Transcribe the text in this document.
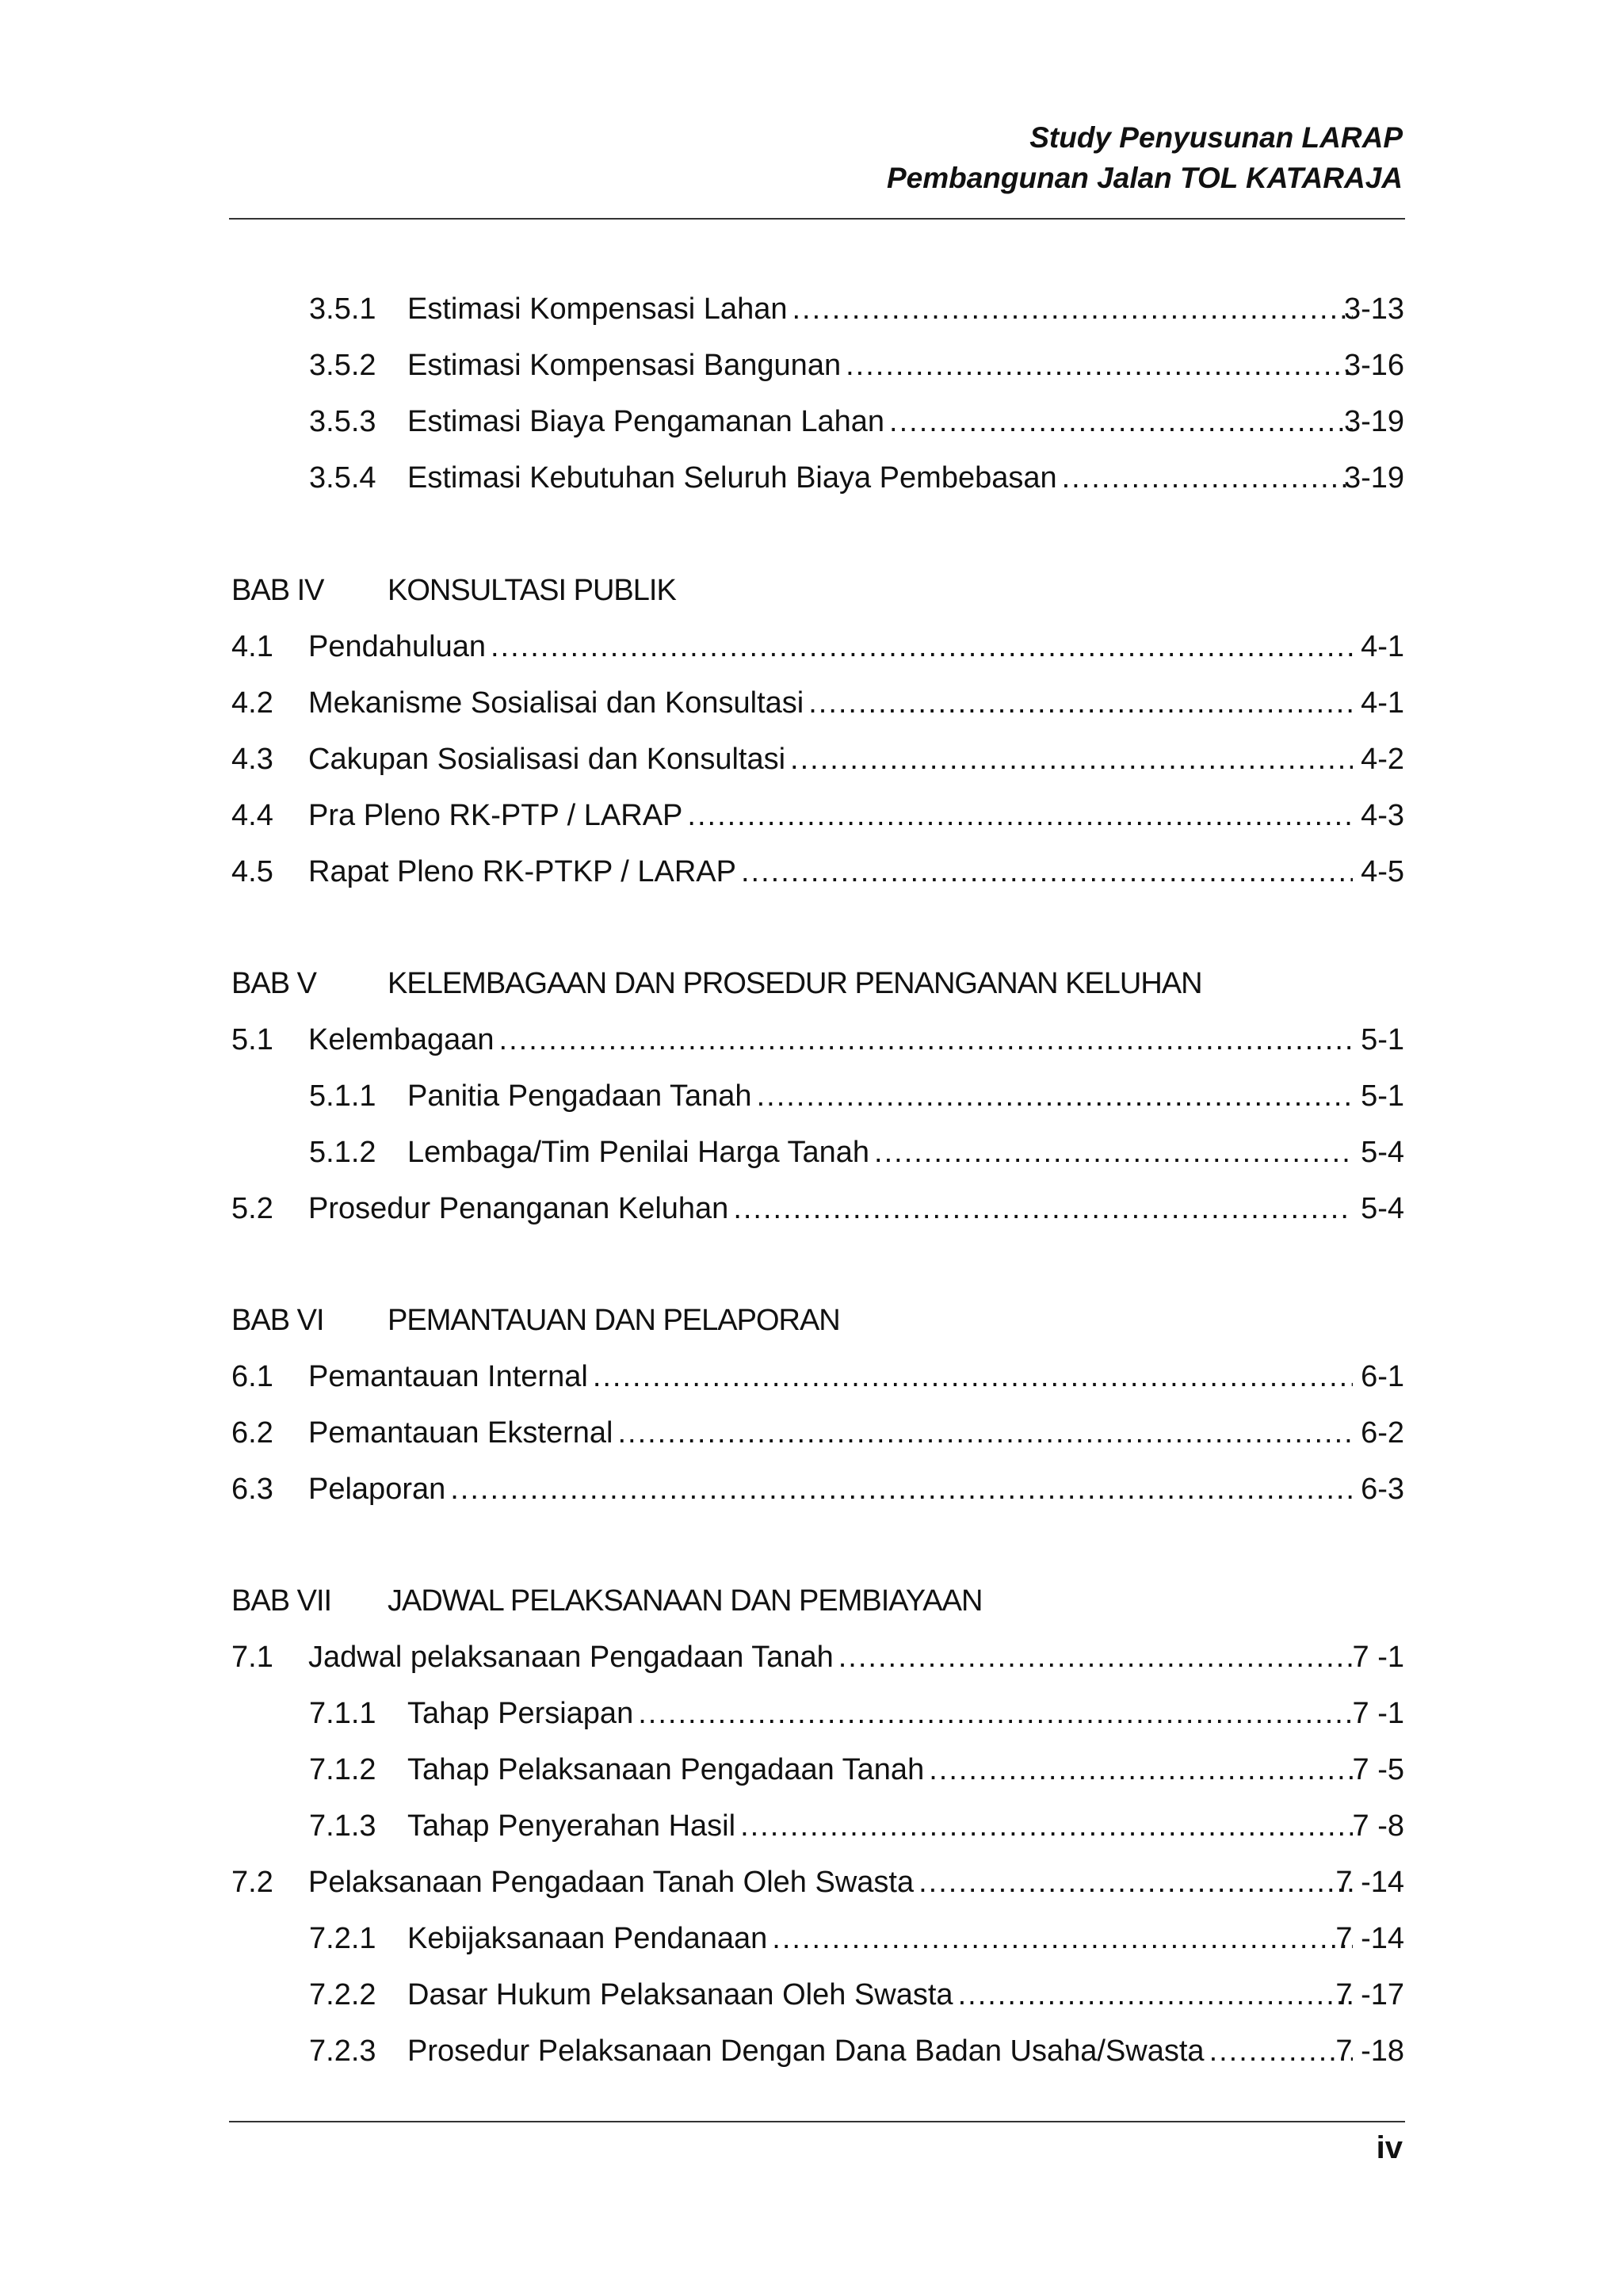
Study Penyusunan LARAP
Pembangunan Jalan TOL KATARAJA
3.5.1 Estimasi Kompensasi Lahan .....	3-13
3.5.2 Estimasi Kompensasi Bangunan .....	3-16
3.5.3 Estimasi Biaya Pengamanan Lahan .....	3-19
3.5.4 Estimasi Kebutuhan Seluruh Biaya Pembebasan .....	3-19
BAB IV KONSULTASI PUBLIK
4.1 Pendahuluan .....	4-1
4.2 Mekanisme Sosialisai dan Konsultasi .....	4-1
4.3 Cakupan Sosialisasi dan Konsultasi .....	4-2
4.4 Pra Pleno RK-PTP / LARAP .....	4-3
4.5 Rapat Pleno RK-PTKP / LARAP .....	4-5
BAB V KELEMBAGAAN DAN PROSEDUR PENANGANAN KELUHAN
5.1 Kelembagaan .....	5-1
5.1.1 Panitia Pengadaan Tanah .....	5-1
5.1.2 Lembaga/Tim Penilai Harga Tanah .....	5-4
5.2 Prosedur Penanganan Keluhan .....	5-4
BAB VI PEMANTAUAN DAN PELAPORAN
6.1 Pemantauan Internal .....	6-1
6.2 Pemantauan Eksternal .....	6-2
6.3 Pelaporan .....	6-3
BAB VII JADWAL PELAKSANAAN DAN PEMBIAYAAN
7.1 Jadwal pelaksanaan Pengadaan Tanah .....	7 -1
7.1.1 Tahap Persiapan .....	7 -1
7.1.2 Tahap Pelaksanaan Pengadaan Tanah .....	7 -5
7.1.3 Tahap Penyerahan Hasil .....	7 -8
7.2 Pelaksanaan Pengadaan Tanah Oleh Swasta .....	7 -14
7.2.1 Kebijaksanaan Pendanaan .....	7 -14
7.2.2 Dasar Hukum Pelaksanaan Oleh Swasta .....	7 -17
7.2.3 Prosedur Pelaksanaan Dengan Dana Badan Usaha/Swasta .....	7 -18
iv
